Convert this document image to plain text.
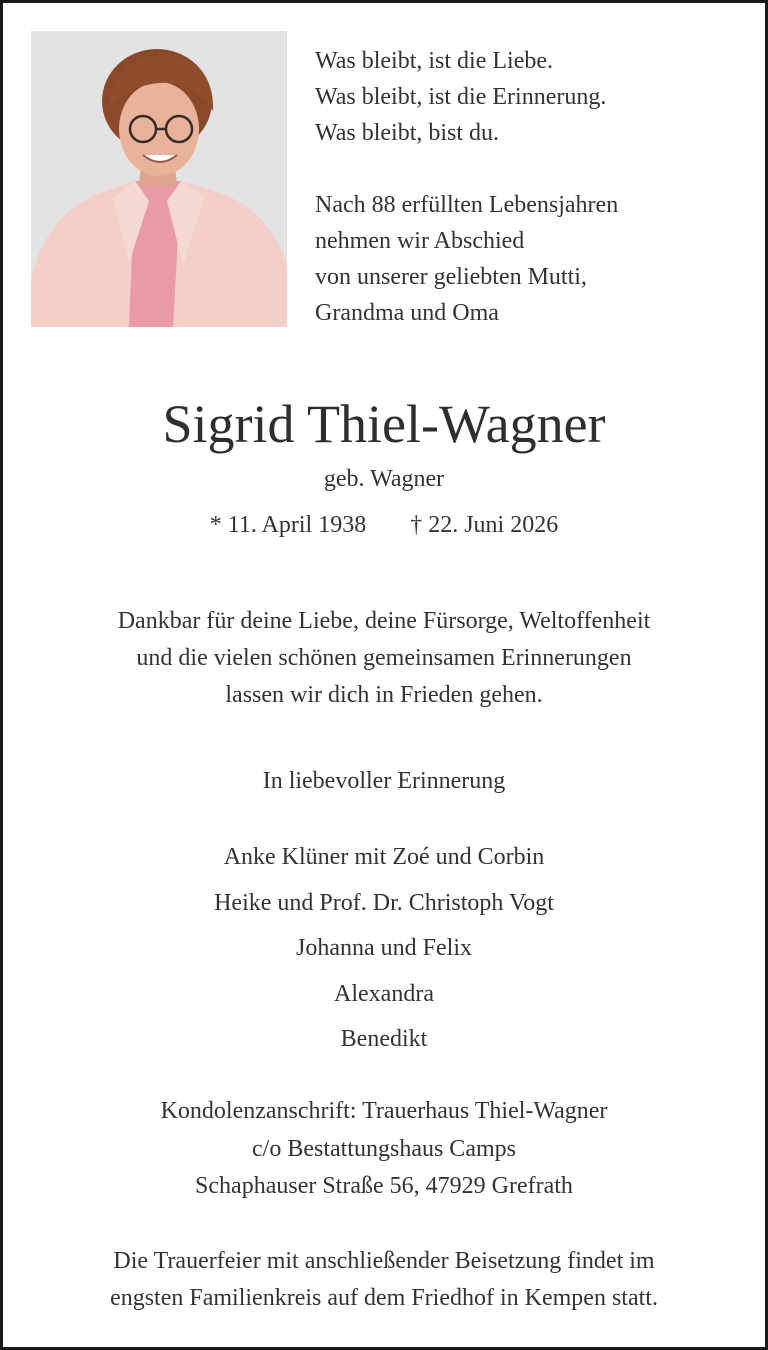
Was bleibt, ist die Liebe.
Was bleibt, ist die Erinnerung.
Was bleibt, bist du.
Nach 88 erfüllten Lebensjahren
nehmen wir Abschied
von unserer geliebten Mutti,
Grandma und Oma
Sigrid Thiel-Wagner
geb. Wagner
* 11. April 1938 † 22. Juni 2026
Dankbar für deine Liebe, deine Fürsorge, Weltoffenheit
und die vielen schönen gemeinsamen Erinnerungen
lassen wir dich in Frieden gehen.
In liebevoller Erinnerung
Anke Klüner mit Zoé und Corbin
Heike und Prof. Dr. Christoph Vogt
Johanna und Felix
Alexandra
Benedikt
Kondolenzanschrift: Trauerhaus Thiel-Wagner
c/o Bestattungshaus Camps
Schaphauser Straße 56, 47929 Grefrath
Die Trauerfeier mit anschließender Beisetzung findet im
engsten Familienkreis auf dem Friedhof in Kempen statt.
